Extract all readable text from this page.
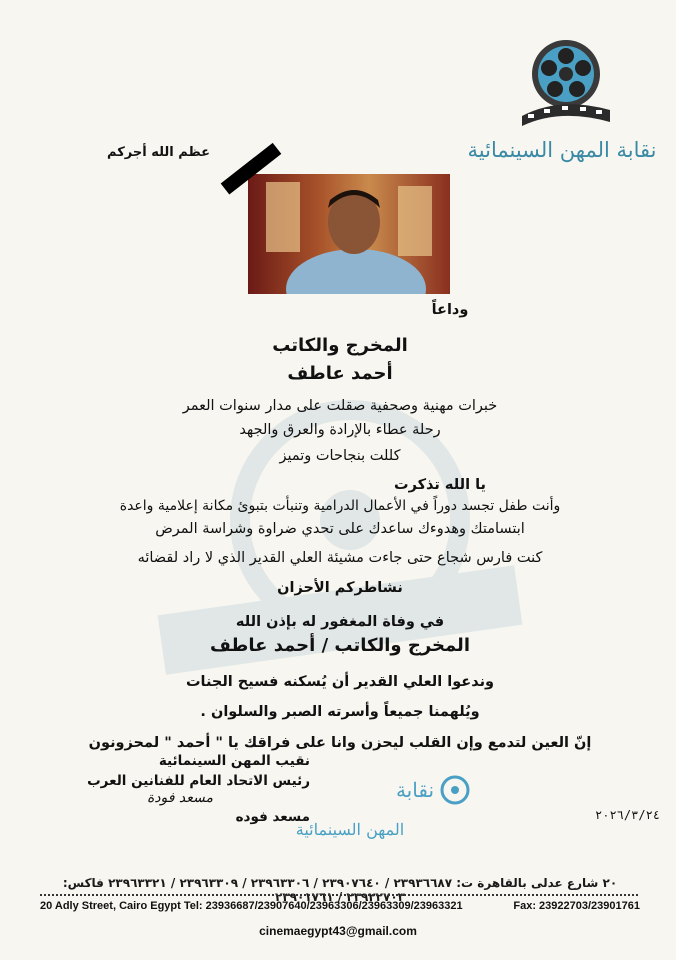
نقابة المهن السينمائية
عظم الله أجركم
وداعاً
المخرج والكاتب
أحمد عاطف
خبرات مهنية وصحفية صقلت على مدار سنوات العمر
رحلة عطاء بالإرادة والعرق والجهد
كللت بنجاحات وتميز
يا الله تذكرت
وأنت طفل تجسد دوراً في الأعمال الدرامية وتنبأت بتبوئ مكانة إعلامية واعدة
ابتسامتك وهدوءك ساعدك على تحدي ضراوة وشراسة المرض
كنت فارس شجاع حتى جاءت مشيئة العلي القدير الذي لا راد لقضائه
نشاطركم الأحزان
في وفاة المغفور له بإذن الله
المخرج والكاتب / أحمد عاطف
وندعوا العلي القدير أن يُسكنه فسيح الجنات
ويُلهمنا جميعاً وأسرته الصبر والسلوان .
إنّ العين لتدمع وإن القلب ليحزن وانا على فراقك يا " أحمد " لمحزونون
نقيب المهن السينمائية
رئيس الاتحاد العام للفنانين العرب
مسعد فودة
مسعد فوده
نقابة
المهن السينمائية
٢٠٢٦/٣/٢٤
٢٠ شارع عدلى بالقاهرة ت: ٢٣٩٣٦٦٨٧ / ٢٣٩٠٧٦٤٠ / ٢٣٩٦٣٣٠٦ / ٢٣٩٦٣٣٠٩ / ٢٣٩٦٣٣٢١ فاكس: ٢٣٩٢٢٧٠٣ / ٢٣٩٠١٧٦١
20 Adly Street, Cairo Egypt Tel: 23936687/23907640/23963306/23963309/23963321	Fax: 23922703/23901761
cinemaegypt43@gmail.com
